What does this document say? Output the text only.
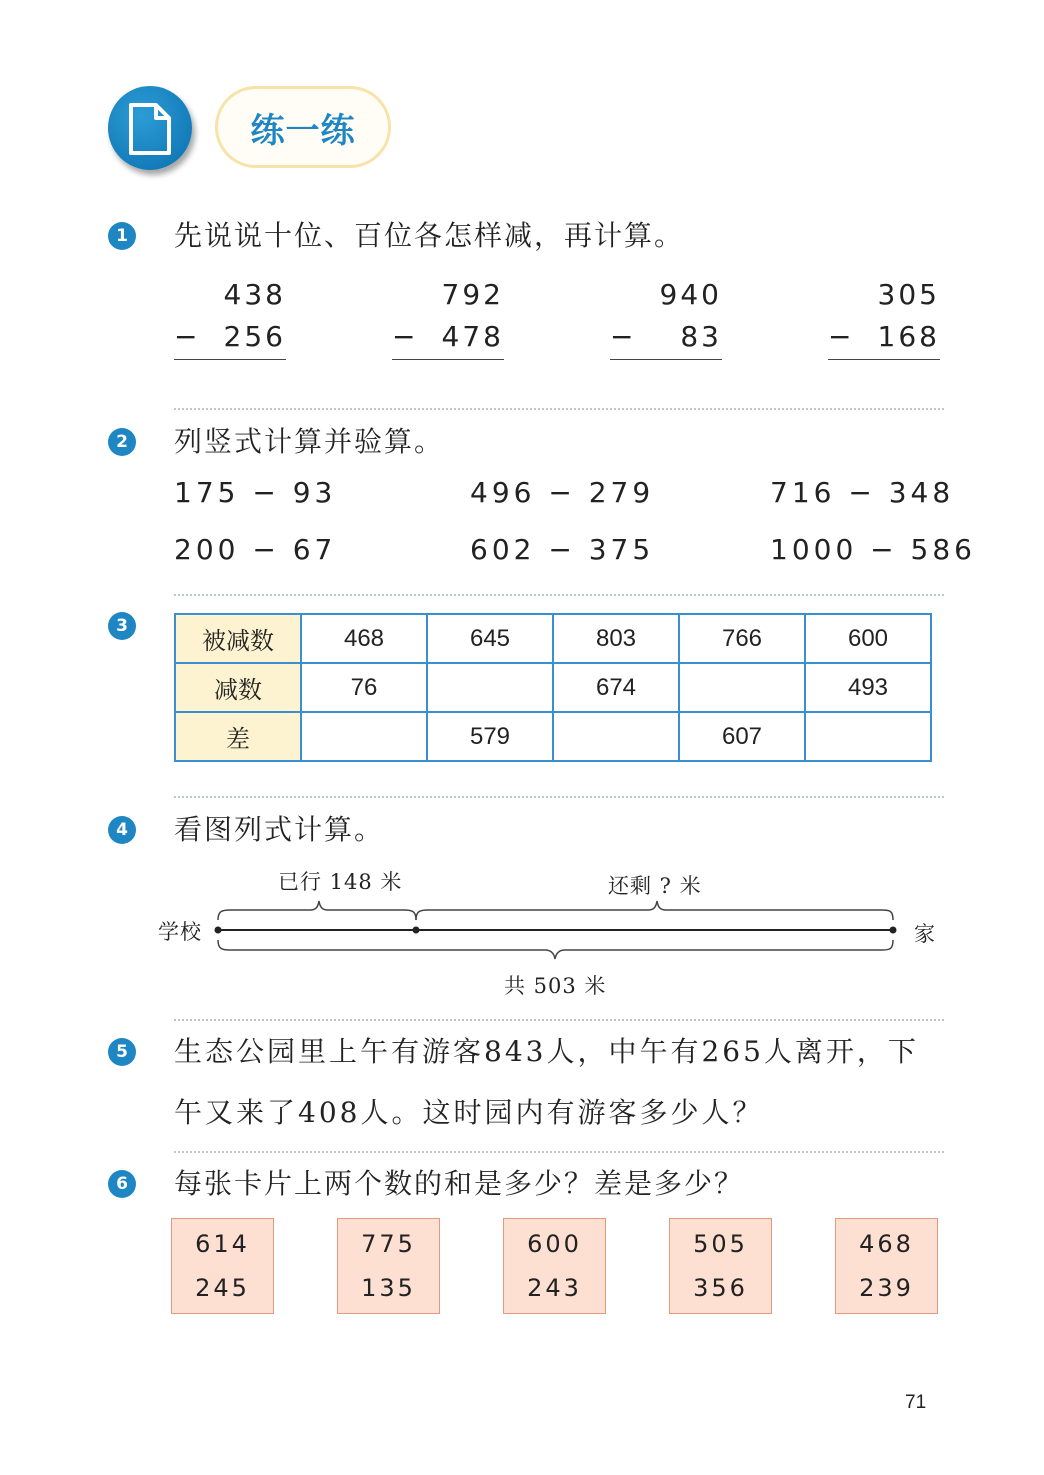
练一练
1 先说说十位、百位各怎样减，再计算。
438
− 256
792
− 478
940
− 83
305
− 168
2 列竖式计算并验算。
175 − 93	496 − 279	716 − 348
200 − 67	602 − 375	1000 − 586
3
被减数	468	645	803	766	600
减数	76		674		493
差		579		607	
4 看图列式计算。
已行 148 米	还剩 ? 米
学校	家
共 503 米
5 生态公园里上午有游客843人，中午有265人离开，下
午又来了408人。这时园内有游客多少人？
6 每张卡片上两个数的和是多少？差是多少？
614
245
775
135
600
243
505
356
468
239
71
